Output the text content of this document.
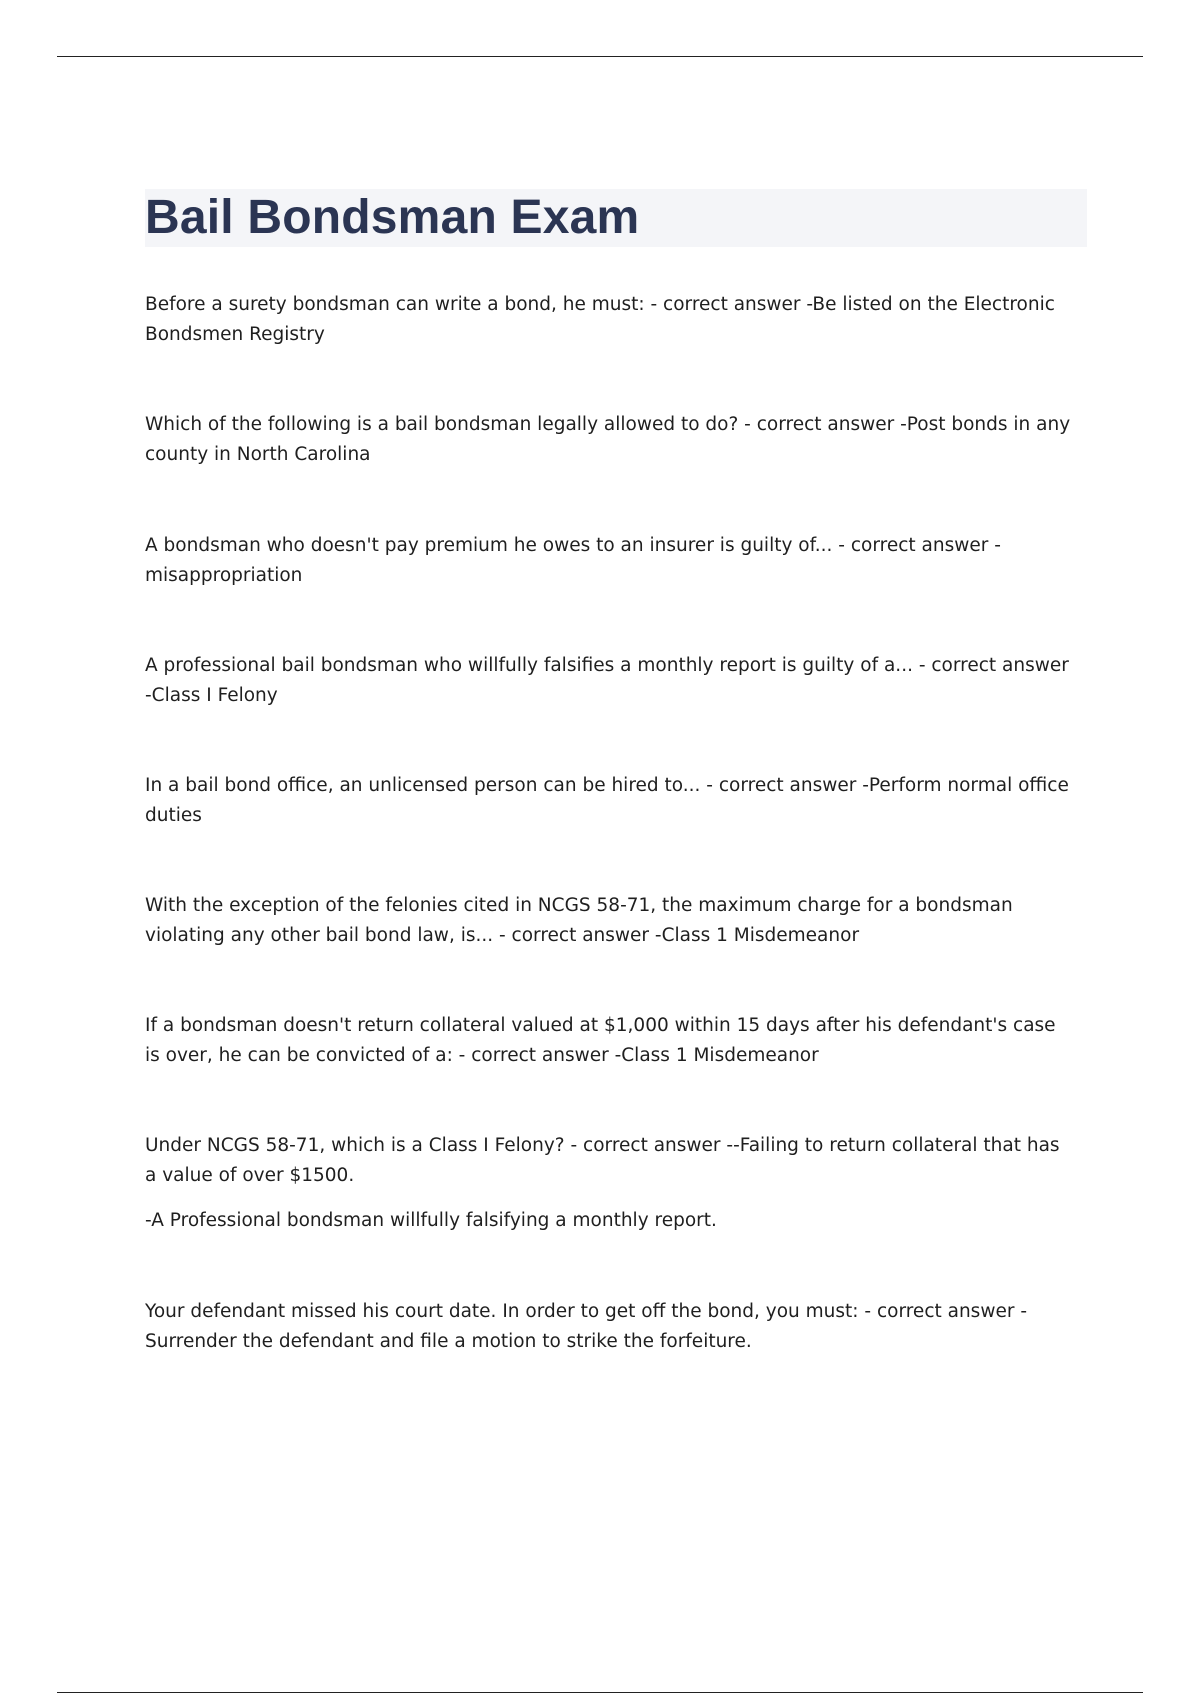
Bail Bondsman Exam

Before a surety bondsman can write a bond, he must: - correct answer -Be listed on the Electronic Bondsmen Registry

Which of the following is a bail bondsman legally allowed to do? - correct answer -Post bonds in any county in North Carolina

A bondsman who doesn't pay premium he owes to an insurer is guilty of... - correct answer -misappropriation

A professional bail bondsman who willfully falsifies a monthly report is guilty of a... - correct answer -Class I Felony

In a bail bond office, an unlicensed person can be hired to... - correct answer -Perform normal office duties

With the exception of the felonies cited in NCGS 58-71, the maximum charge for a bondsman violating any other bail bond law, is... - correct answer -Class 1 Misdemeanor

If a bondsman doesn't return collateral valued at $1,000 within 15 days after his defendant's case is over, he can be convicted of a: - correct answer -Class 1 Misdemeanor

Under NCGS 58-71, which is a Class I Felony? - correct answer --Failing to return collateral that has a value of over $1500.

-A Professional bondsman willfully falsifying a monthly report.

Your defendant missed his court date. In order to get off the bond, you must: - correct answer -Surrender the defendant and file a motion to strike the forfeiture.
